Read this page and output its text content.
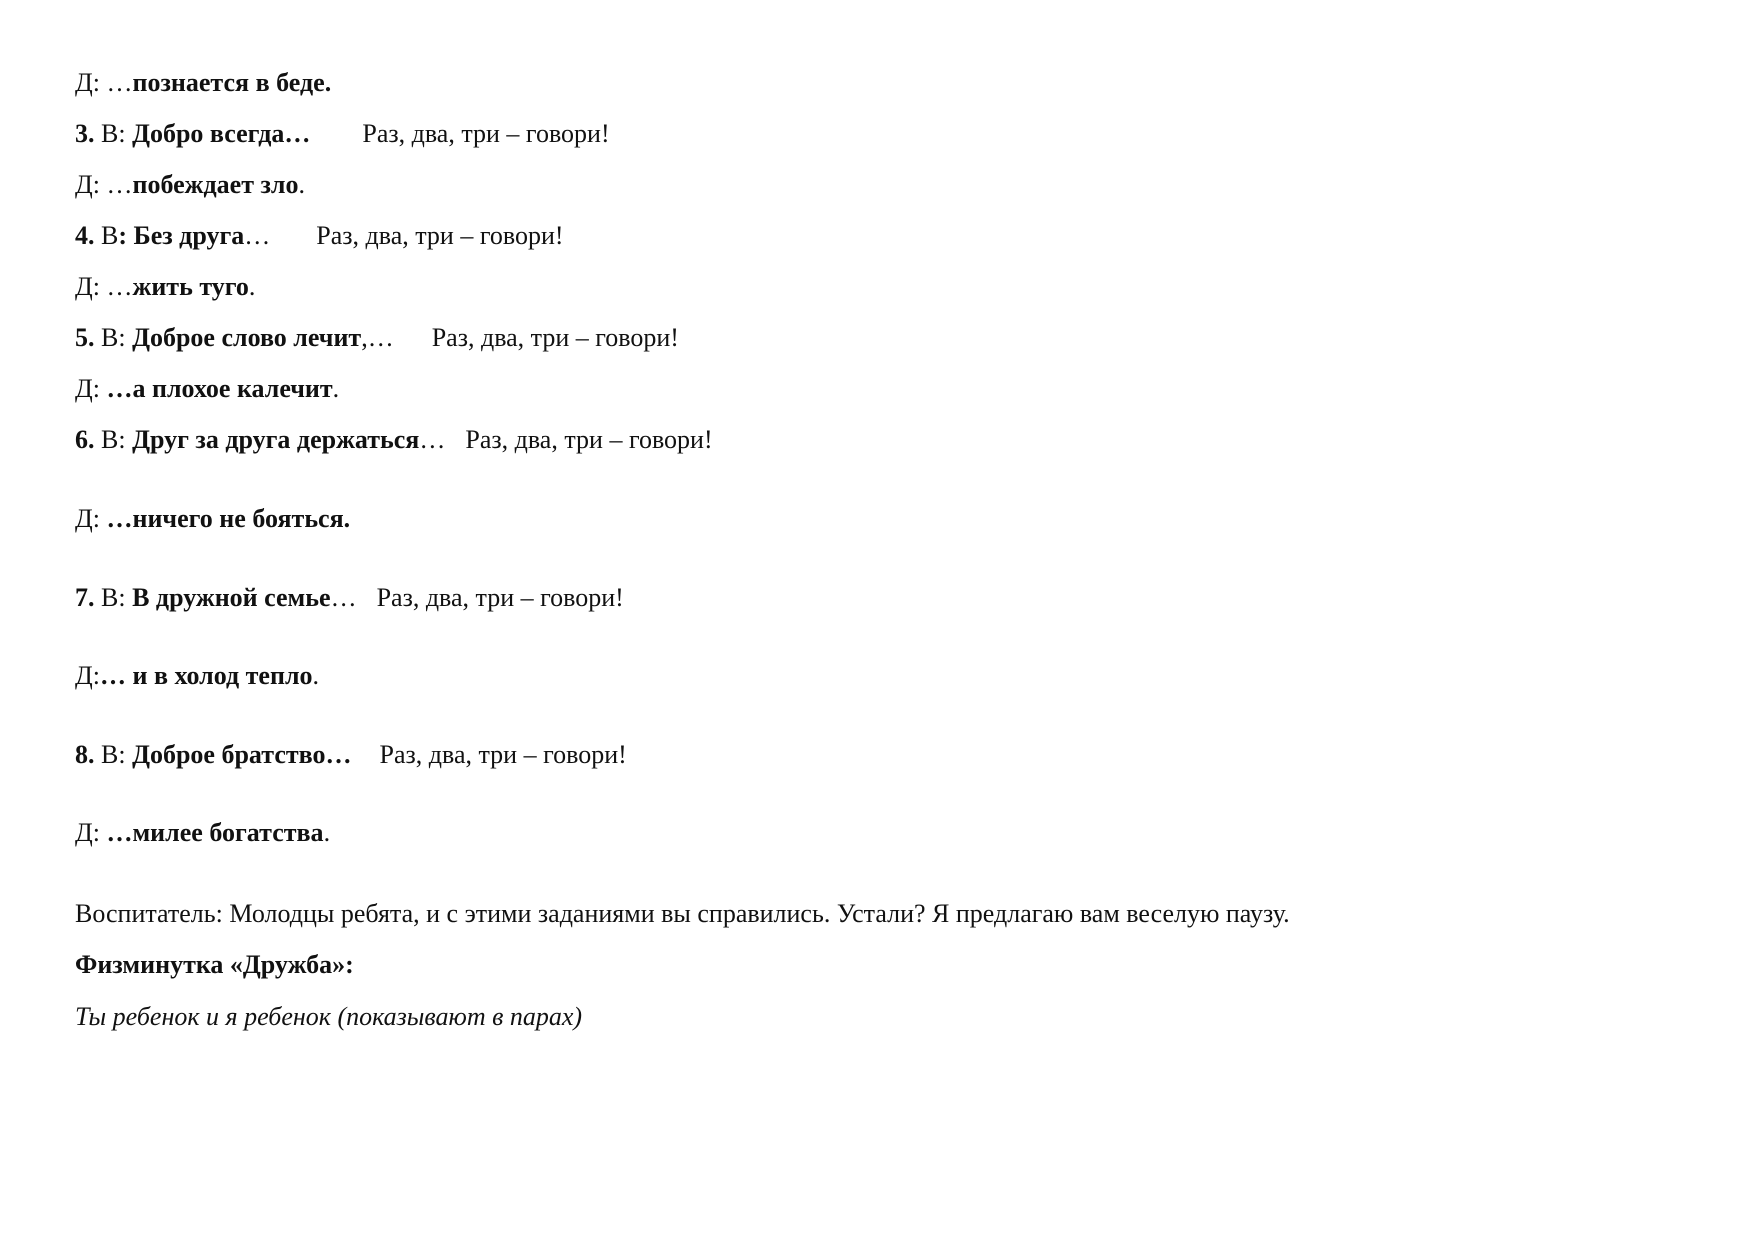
Д: …познается в беде.
3. В: Добро всегда… Раз, два, три – говори!
Д: …побеждает зло.
4. В: Без друга… Раз, два, три – говори!
Д: …жить туго.
5. В: Доброе слово лечит,… Раз, два, три – говори!
Д: …а плохое калечит.
6. В: Друг за друга держаться… Раз, два, три – говори!
Д: …ничего не бояться.
7. В: В дружной семье… Раз, два, три – говори!
Д:… и в холод тепло.
8. В: Доброе братство… Раз, два, три – говори!
Д: …милее богатства.
Воспитатель: Молодцы ребята, и с этими заданиями вы справились. Устали? Я предлагаю вам веселую паузу.
Физминутка «Дружба»:
Ты ребенок и я ребенок (показывают в парах)
